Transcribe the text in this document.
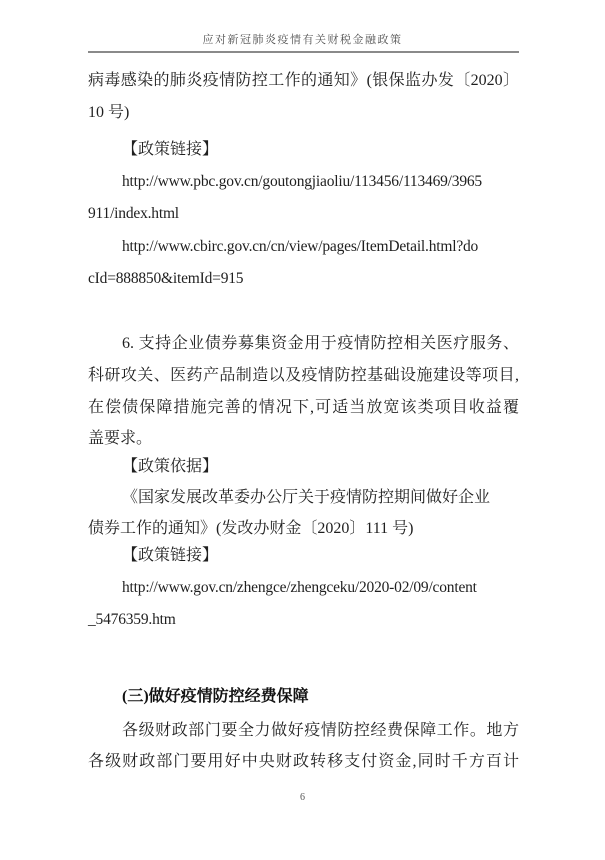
应对新冠肺炎疫情有关财税金融政策
病毒感染的肺炎疫情防控工作的通知》(银保监办发〔2020〕
10 号)
【政策链接】
http://www.pbc.gov.cn/goutongjiaoliu/113456/113469/3965
911/index.html
http://www.cbirc.gov.cn/cn/view/pages/ItemDetail.html?do
cId=888850&itemId=915
6. 支持企业债券募集资金用于疫情防控相关医疗服务、
科研攻关、医药产品制造以及疫情防控基础设施建设等项目,
在偿债保障措施完善的情况下,可适当放宽该类项目收益覆
盖要求。
【政策依据】
《国家发展改革委办公厅关于疫情防控期间做好企业
债券工作的通知》(发改办财金〔2020〕111 号)
【政策链接】
http://www.gov.cn/zhengce/zhengceku/2020-02/09/content
_5476359.htm
(三)做好疫情防控经费保障
各级财政部门要全力做好疫情防控经费保障工作。地方
各级财政部门要用好中央财政转移支付资金,同时千方百计
6
